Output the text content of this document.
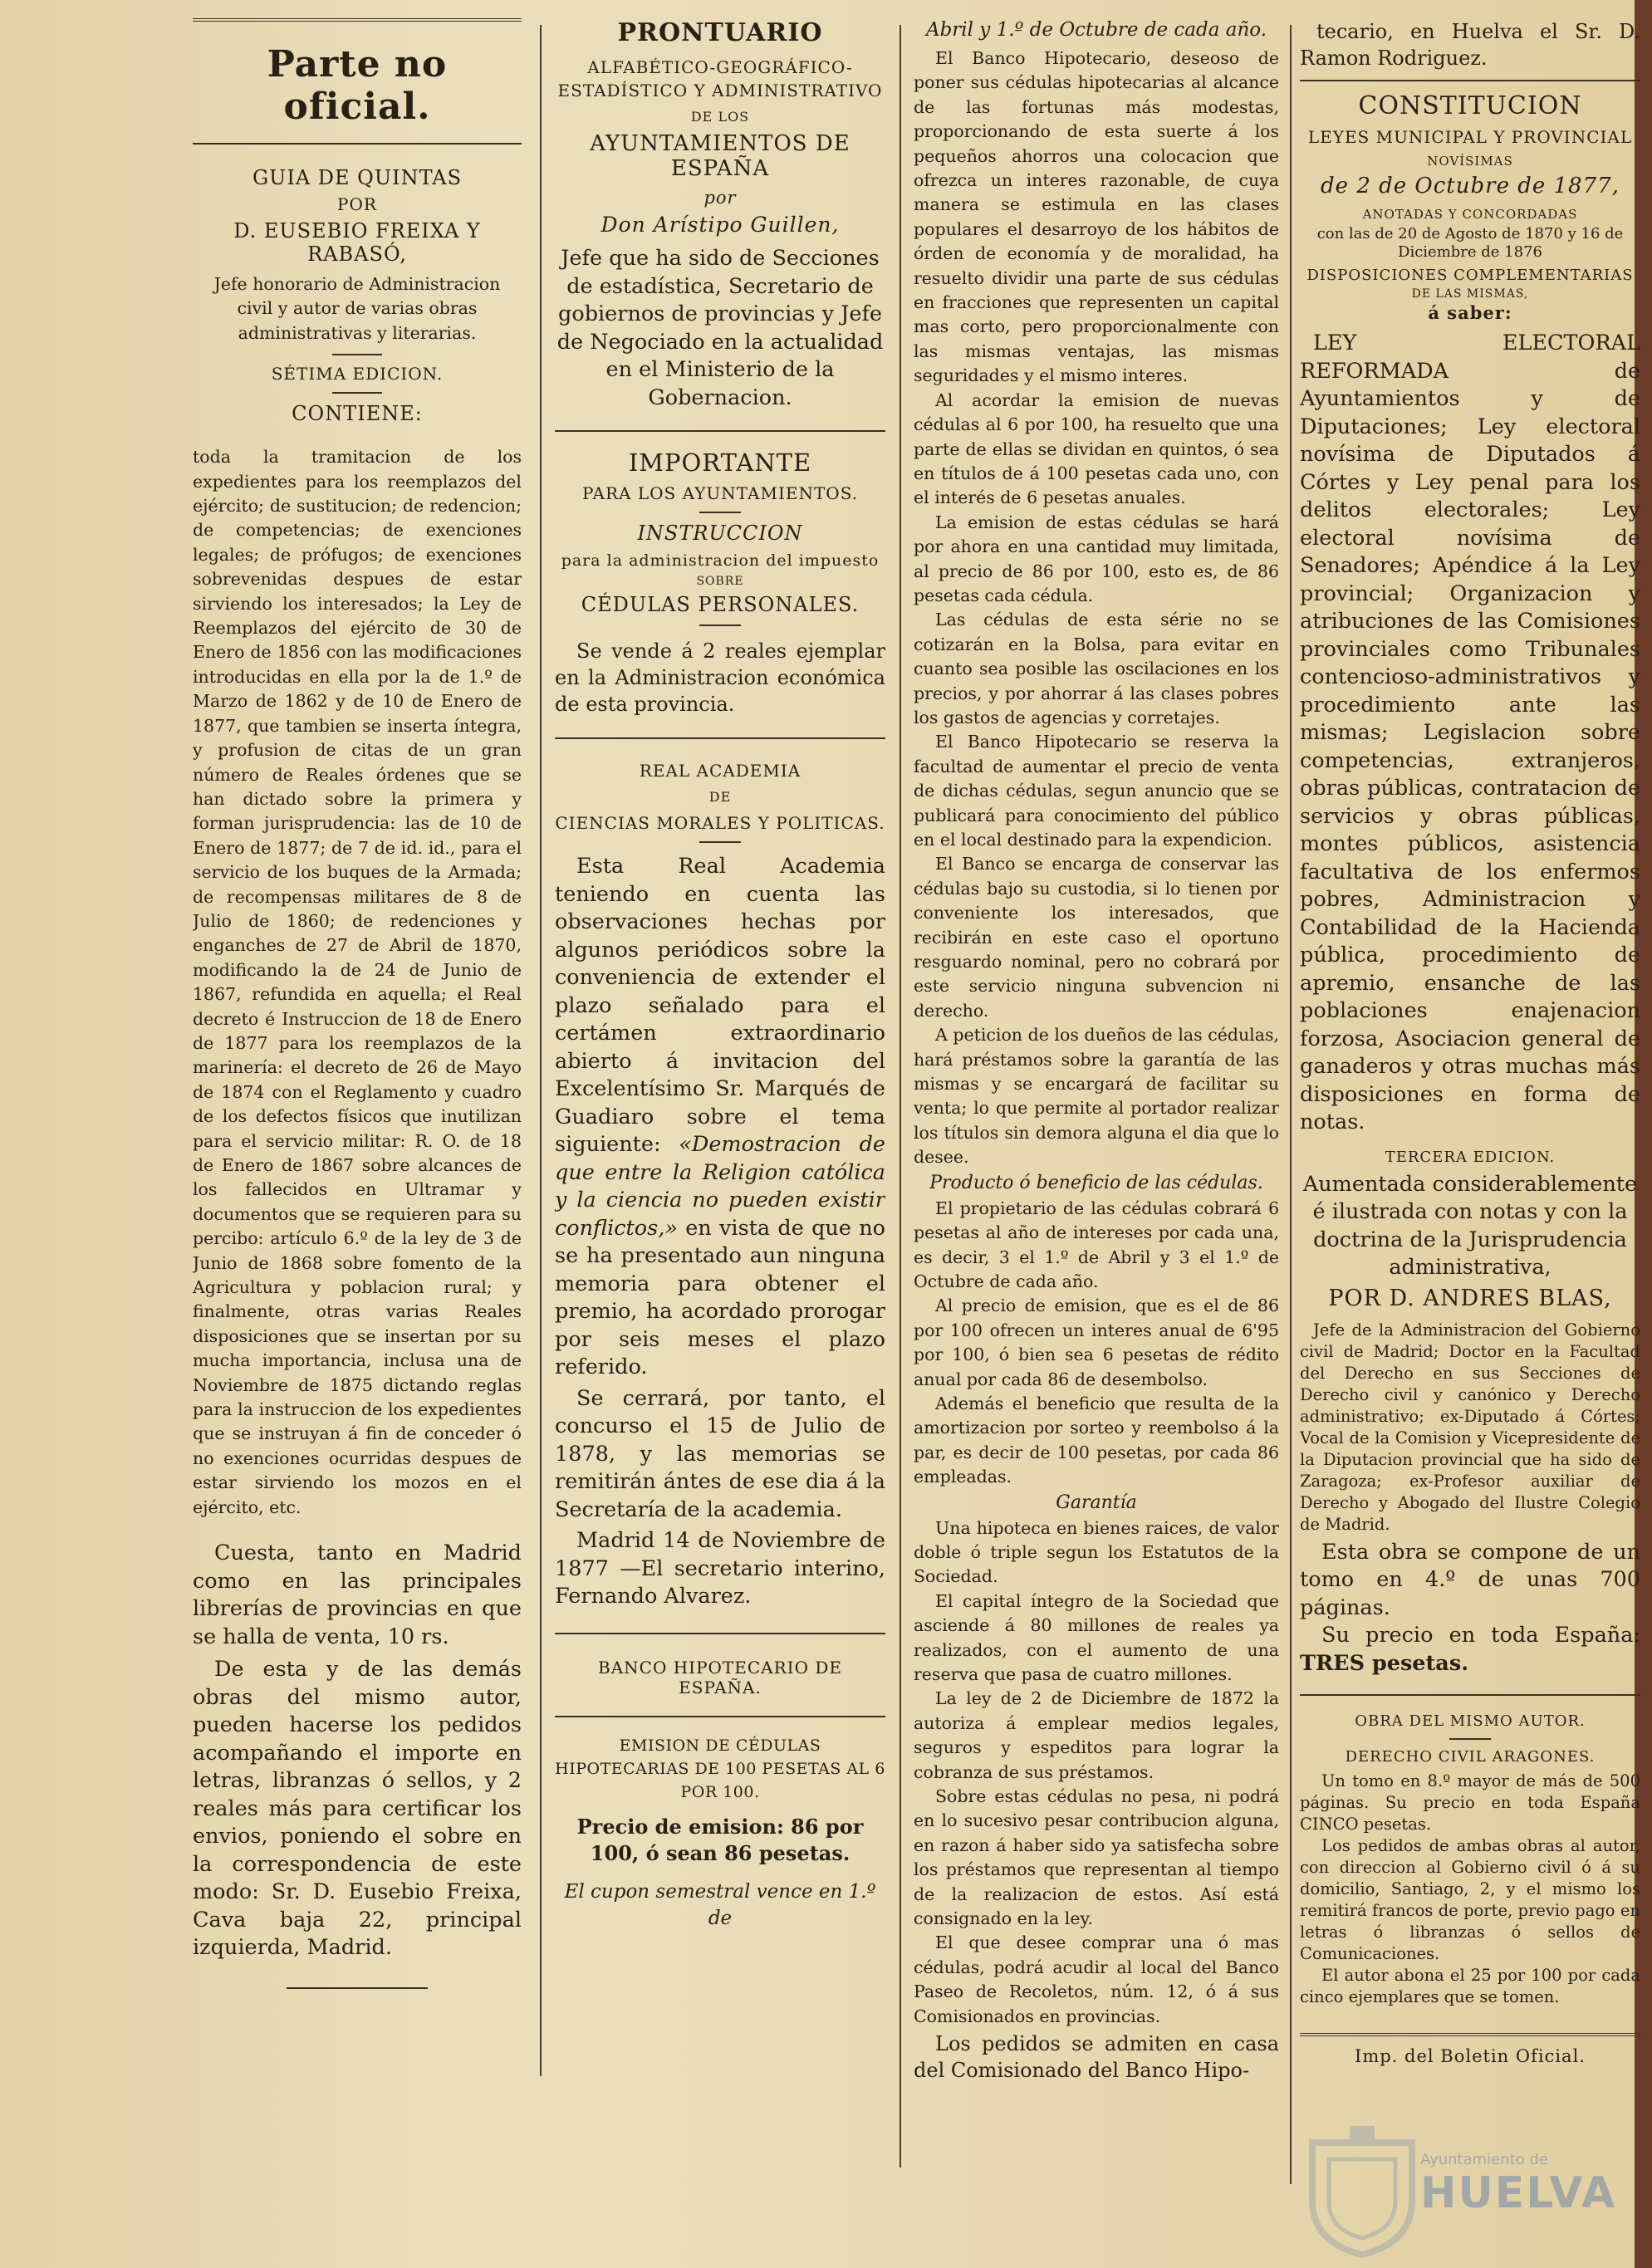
Parte no oficial.
GUIA DE QUINTAS
POR
D. EUSEBIO FREIXA Y RABASÓ,

Jefe honorario de Administracion civil y autor de varias obras administrativas y literarias.

SÉTIMA EDICION.
CONTIENE:

toda la tramitacion de los expedientes para los reemplazos del ejército; de sustitucion; de redencion; de competencias; de exenciones legales; de prófugos; de exenciones sobrevenidas despues de estar sirviendo los interesados; la Ley de Reemplazos del ejército de 30 de Enero de 1856 con las modificaciones introducidas en ella por la de 1.º de Marzo de 1862 y de 10 de Enero de 1877, que tambien se inserta íntegra, y profusion de citas de un gran número de Reales órdenes que se han dictado sobre la primera y forman jurisprudencia: las de 10 de Enero de 1877; de 7 de id. id., para el servicio de los buques de la Armada; de recompensas militares de 8 de Julio de 1860; de redenciones y enganches de 27 de Abril de 1870, modificando la de 24 de Junio de 1867, refundida en aquella; el Real decreto é Instruccion de 18 de Enero de 1877 para los reemplazos de la marinería: el decreto de 26 de Mayo de 1874 con el Reglamento y cuadro de los defectos físicos que inutilizan para el servicio militar: R. O. de 18 de Enero de 1867 sobre alcances de los fallecidos en Ultramar y documentos que se requieren para su percibo: artículo 6.º de la ley de 3 de Junio de 1868 sobre fomento de la Agricultura y poblacion rural; y finalmente, otras varias Reales disposiciones que se insertan por su mucha importancia, inclusa una de Noviembre de 1875 dictando reglas para la instruccion de los expedientes que se instruyan á fin de conceder ó no exenciones ocurridas despues de estar sirviendo los mozos en el ejército, etc.

Cuesta, tanto en Madrid como en las principales librerías de provincias en que se halla de venta, 10 rs.

De esta y de las demás obras del mismo autor, pueden hacerse los pedidos acompañando el importe en letras, libranzas ó sellos, y 2 reales más para certificar los envios, poniendo el sobre en la correspondencia de este modo: Sr. D. Eusebio Freixa, Cava baja 22, principal izquierda, Madrid.

PRONTUARIO
ALFABÉTICO-GEOGRÁFICO-ESTADÍSTICO Y ADMINISTRATIVO
DE LOS
AYUNTAMIENTOS DE ESPAÑA
por
Don Arístipo Guillen,

Jefe que ha sido de Secciones de estadística, Secretario de gobiernos de provincias y Jefe de Negociado en la actualidad en el Ministerio de la Gobernacion.

IMPORTANTE
PARA LOS AYUNTAMIENTOS.
INSTRUCCION
para la administracion del impuesto
SOBRE
CÉDULAS PERSONALES.

Se vende á 2 reales ejemplar en la Administracion económica de esta provincia.

REAL ACADEMIA
DE
CIENCIAS MORALES Y POLITICAS.

Esta Real Academia teniendo en cuenta las observaciones hechas por algunos periódicos sobre la conveniencia de extender el plazo señalado para el certámen extraordinario abierto á invitacion del Excelentísimo Sr. Marqués de Guadiaro sobre el tema siguiente: «Demostracion de que entre la Religion católica y la ciencia no pueden existir conflictos,» en vista de que no se ha presentado aun ninguna memoria para obtener el premio, ha acordado prorogar por seis meses el plazo referido.

Se cerrará, por tanto, el concurso el 15 de Julio de 1878, y las memorias se remitirán ántes de ese dia á la Secretaría de la academia.

Madrid 14 de Noviembre de 1877 —El secretario interino, Fernando Alvarez.

BANCO HIPOTECARIO DE ESPAÑA.

EMISION DE CÉDULAS HIPOTECARIAS DE 100 PESETAS AL 6 POR 100.

Precio de emision: 86 por 100, ó sean 86 pesetas.

El cupon semestral vence en 1.º de

Abril y 1.º de Octubre de cada año.

El Banco Hipotecario, deseoso de poner sus cédulas hipotecarias al alcance de las fortunas más modestas, proporcionando de esta suerte á los pequeños ahorros una colocacion que ofrezca un interes razonable, de cuya manera se estimula en las clases populares el desarroyo de los hábitos de órden de economía y de moralidad, ha resuelto dividir una parte de sus cédulas en fracciones que representen un capital mas corto, pero proporcionalmente con las mismas ventajas, las mismas seguridades y el mismo interes.

Al acordar la emision de nuevas cédulas al 6 por 100, ha resuelto que una parte de ellas se dividan en quintos, ó sea en títulos de á 100 pesetas cada uno, con el interés de 6 pesetas anuales.

La emision de estas cédulas se hará por ahora en una cantidad muy limitada, al precio de 86 por 100, esto es, de 86 pesetas cada cédula.

Las cédulas de esta série no se cotizarán en la Bolsa, para evitar en cuanto sea posible las oscilaciones en los precios, y por ahorrar á las clases pobres los gastos de agencias y corretajes.

El Banco Hipotecario se reserva la facultad de aumentar el precio de venta de dichas cédulas, segun anuncio que se publicará para conocimiento del público en el local destinado para la expendicion.

El Banco se encarga de conservar las cédulas bajo su custodia, si lo tienen por conveniente los interesados, que recibirán en este caso el oportuno resguardo nominal, pero no cobrará por este servicio ninguna subvencion ni derecho.

A peticion de los dueños de las cédulas, hará préstamos sobre la garantía de las mismas y se encargará de facilitar su venta; lo que permite al portador realizar los títulos sin demora alguna el dia que lo desee.

Producto ó beneficio de las cédulas.

El propietario de las cédulas cobrará 6 pesetas al año de intereses por cada una, es decir, 3 el 1.º de Abril y 3 el 1.º de Octubre de cada año.

Al precio de emision, que es el de 86 por 100 ofrecen un interes anual de 6'95 por 100, ó bien sea 6 pesetas de rédito anual por cada 86 de desembolso.

Además el beneficio que resulta de la amortizacion por sorteo y reembolso á la par, es decir de 100 pesetas, por cada 86 empleadas.

Garantía

Una hipoteca en bienes raices, de valor doble ó triple segun los Estatutos de la Sociedad.

El capital íntegro de la Sociedad que asciende á 80 millones de reales ya realizados, con el aumento de una reserva que pasa de cuatro millones.

La ley de 2 de Diciembre de 1872 la autoriza á emplear medios legales, seguros y espeditos para lograr la cobranza de sus préstamos.

Sobre estas cédulas no pesa, ni podrá en lo sucesivo pesar contribucion alguna, en razon á haber sido ya satisfecha sobre los préstamos que representan al tiempo de la realizacion de estos. Así está consignado en la ley.

El que desee comprar una ó mas cédulas, podrá acudir al local del Banco Paseo de Recoletos, núm. 12, ó á sus Comisionados en provincias.

Los pedidos se admiten en casa del Comisionado del Banco Hipo-

tecario, en Huelva el Sr. D. Ramon Rodriguez.

CONSTITUCION
LEYES MUNICIPAL Y PROVINCIAL
NOVÍSIMAS
de 2 de Octubre de 1877,
ANOTADAS Y CONCORDADAS

con las de 20 de Agosto de 1870 y 16 de Diciembre de 1876

DISPOSICIONES COMPLEMENTARIAS
DE LAS MISMAS,
á saber:

LEY ELECTORAL REFORMADA de Ayuntamientos y de Diputaciones; Ley electoral novísima de Diputados á Córtes y Ley penal para los delitos electorales; Ley electoral novísima de Senadores; Apéndice á la Ley provincial; Organizacion y atribuciones de las Comisiones provinciales como Tribunales contencioso-administrativos y procedimiento ante las mismas; Legislacion sobre competencias, extranjeros, obras públicas, contratacion de servicios y obras públicas, montes públicos, asistencia facultativa de los enfermos pobres, Administracion y Contabilidad de la Hacienda pública, procedimiento de apremio, ensanche de las poblaciones enajenacion forzosa, Asociacion general de ganaderos y otras muchas más disposiciones en forma de notas.

TERCERA EDICION.

Aumentada considerablemente é ilustrada con notas y con la doctrina de la Jurisprudencia administrativa,

POR D. ANDRES BLAS,

Jefe de la Administracion del Gobierno civil de Madrid; Doctor en la Facultad del Derecho en sus Secciones de Derecho civil y canónico y Derecho administrativo; ex-Diputado á Córtes; Vocal de la Comision y Vicepresidente de la Diputacion provincial que ha sido de Zaragoza; ex-Profesor auxiliar de Derecho y Abogado del Ilustre Colegio de Madrid.

Esta obra se compone de un tomo en 4.º de unas 700 páginas.

Su precio en toda España: TRES pesetas.

OBRA DEL MISMO AUTOR.
DERECHO CIVIL ARAGONES.

Un tomo en 8.º mayor de más de 500 páginas. Su precio en toda España CINCO pesetas.

Los pedidos de ambas obras al autor, con direccion al Gobierno civil ó á su domicilio, Santiago, 2, y el mismo los remitirá francos de porte, previo pago en letras ó libranzas ó sellos de Comunicaciones.

El autor abona el 25 por 100 por cada cinco ejemplares que se tomen.

Imp. del Boletin Oficial.
Ayuntamiento de
HUELVA
